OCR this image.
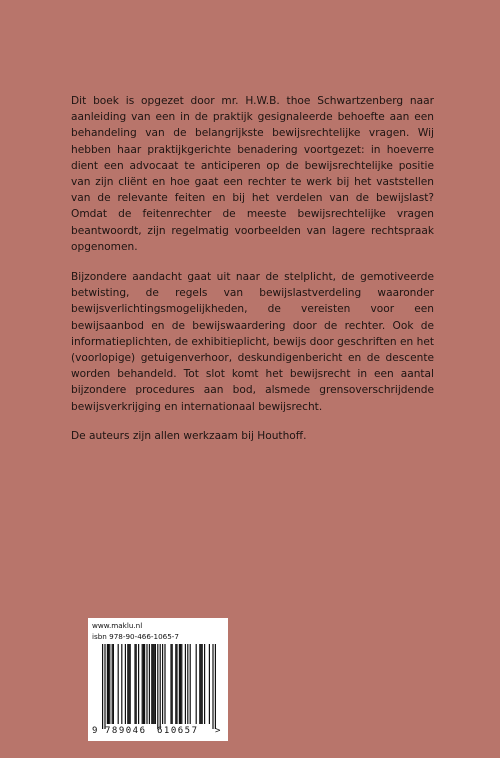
Dit boek is opgezet door mr. H.W.B. thoe Schwartzenberg naar aanleiding van een in de praktijk gesignaleerde behoefte aan een behandeling van de belangrijkste bewijsrechtelijke vragen. Wij hebben haar praktijkgerichte benadering voortgezet: in hoeverre dient een advocaat te anticiperen op de bewijsrechtelijke positie van zijn cliënt en hoe gaat een rechter te werk bij het vaststellen van de relevante feiten en bij het verdelen van de bewijslast? Omdat de feitenrechter de meeste bewijsrechtelijke vragen beantwoordt, zijn regelmatig voorbeelden van lagere rechtspraak opgenomen.

Bijzondere aandacht gaat uit naar de stelplicht, de gemotiveerde betwisting, de regels van bewijslastverdeling waaronder bewijsverlichtingsmogelijkheden, de vereisten voor een bewijsaanbod en de bewijswaardering door de rechter. Ook de informatieplichten, de exhibitieplicht, bewijs door geschriften en het (voorlopige) getuigenverhoor, deskundigenbericht en de descente worden behandeld. Tot slot komt het bewijsrecht in een aantal bijzondere procedures aan bod, alsmede grensoverschrijdende bewijsverkrijging en internationaal bewijsrecht.

De auteurs zijn allen werkzaam bij Houthoff.

www.maklu.nl
isbn 978-90-466-1065-7
9 789046 610657 >
